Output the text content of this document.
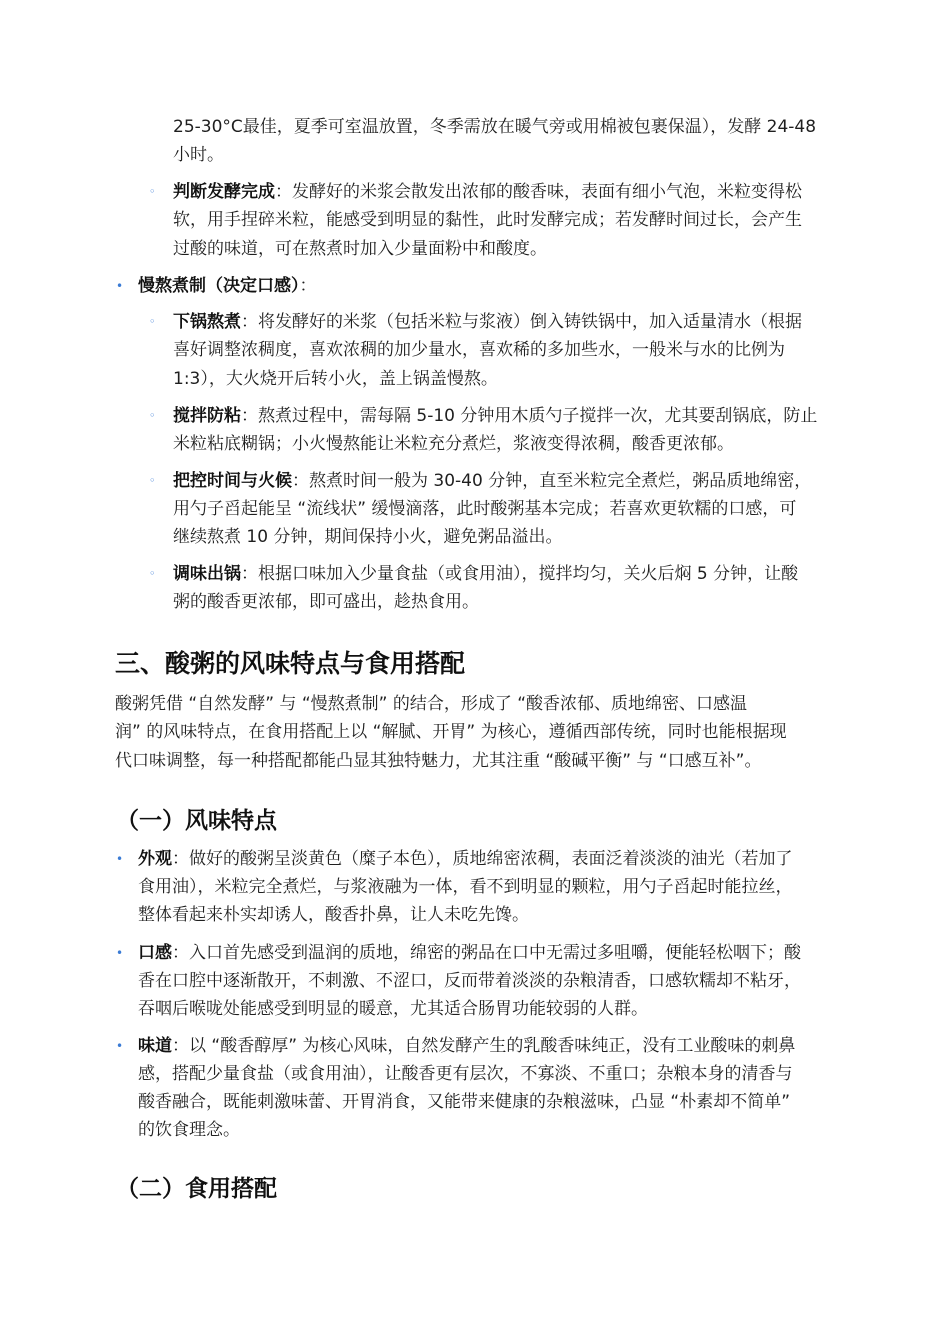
25-30°C最佳，夏季可室温放置，冬季需放在暖气旁或用棉被包裹保温），发酵 24-48

小时。

◦ 判断发酵完成：发酵好的米浆会散发出浓郁的酸香味，表面有细小气泡，米粒变得松

软，用手捏碎米粒，能感受到明显的黏性，此时发酵完成；若发酵时间过长，会产生

过酸的味道，可在熬煮时加入少量面粉中和酸度。

• 慢熬煮制（决定口感）：

◦ 下锅熬煮：将发酵好的米浆（包括米粒与浆液）倒入铸铁锅中，加入适量清水（根据

喜好调整浓稠度，喜欢浓稠的加少量水，喜欢稀的多加些水，一般米与水的比例为

1:3），大火烧开后转小火，盖上锅盖慢熬。

◦ 搅拌防粘：熬煮过程中，需每隔 5-10 分钟用木质勺子搅拌一次，尤其要刮锅底，防止

米粒粘底糊锅；小火慢熬能让米粒充分煮烂，浆液变得浓稠，酸香更浓郁。

◦ 把控时间与火候：熬煮时间一般为 30-40 分钟，直至米粒完全煮烂，粥品质地绵密，

用勺子舀起能呈 “流线状” 缓慢滴落，此时酸粥基本完成；若喜欢更软糯的口感，可

继续熬煮 10 分钟，期间保持小火，避免粥品溢出。

◦ 调味出锅：根据口味加入少量食盐（或食用油），搅拌均匀，关火后焖 5 分钟，让酸

粥的酸香更浓郁，即可盛出，趁热食用。

三、酸粥的风味特点与食用搭配

酸粥凭借 “自然发酵” 与 “慢熬煮制” 的结合，形成了 “酸香浓郁、质地绵密、口感温

润” 的风味特点，在食用搭配上以 “解腻、开胃” 为核心，遵循西部传统，同时也能根据现

代口味调整，每一种搭配都能凸显其独特魅力，尤其注重 “酸碱平衡” 与 “口感互补”。

（一）风味特点
• 外观：做好的酸粥呈淡黄色（糜子本色），质地绵密浓稠，表面泛着淡淡的油光（若加了

食用油），米粒完全煮烂，与浆液融为一体，看不到明显的颗粒，用勺子舀起时能拉丝，

整体看起来朴实却诱人，酸香扑鼻，让人未吃先馋。

• 口感：入口首先感受到温润的质地，绵密的粥品在口中无需过多咀嚼，便能轻松咽下；酸

香在口腔中逐渐散开，不刺激、不涩口，反而带着淡淡的杂粮清香，口感软糯却不粘牙，

吞咽后喉咙处能感受到明显的暖意，尤其适合肠胃功能较弱的人群。

• 味道：以 “酸香醇厚” 为核心风味，自然发酵产生的乳酸香味纯正，没有工业酸味的刺鼻

感，搭配少量食盐（或食用油），让酸香更有层次，不寡淡、不重口；杂粮本身的清香与

酸香融合，既能刺激味蕾、开胃消食，又能带来健康的杂粮滋味，凸显 “朴素却不简单”

的饮食理念。

（二）食用搭配
